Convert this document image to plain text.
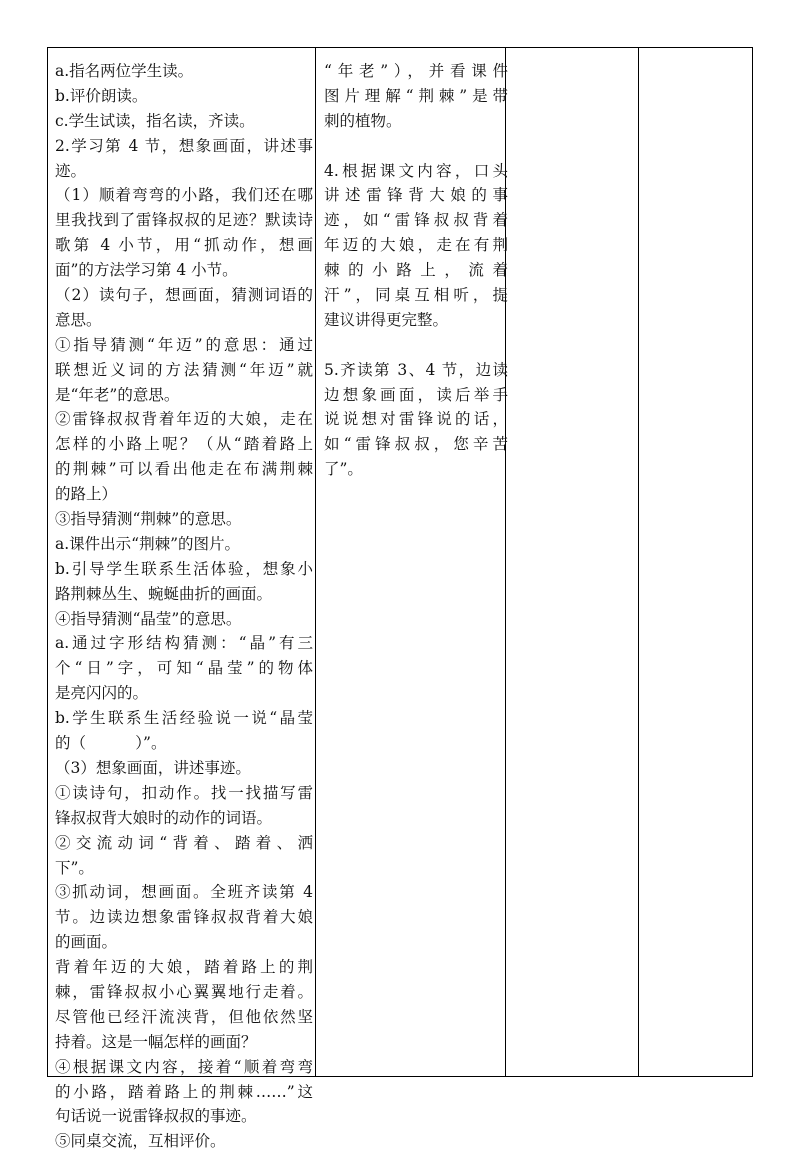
a.指名两位学生读。
b.评价朗读。
c.学生试读，指名读，齐读。
2.学习第 4 节，想象画面，讲述事
迹。
（1）顺着弯弯的小路，我们还在哪
里我找到了雷锋叔叔的足迹？默读诗
歌第 4 小节，用“抓动作，想画
面”的方法学习第 4 小节。
（2）读句子，想画面，猜测词语的
意思。
①指导猜测“年迈”的意思：通过
联想近义词的方法猜测“年迈”就
是“年老”的意思。
②雷锋叔叔背着年迈的大娘，走在
怎样的小路上呢？（从“踏着路上
的荆棘”可以看出他走在布满荆棘
的路上）
③指导猜测“荆棘”的意思。
a.课件出示“荆棘”的图片。
b.引导学生联系生活体验，想象小
路荆棘丛生、蜿蜒曲折的画面。
④指导猜测“晶莹”的意思。
a.通过字形结构猜测：“晶”有三
个“日”字，可知“晶莹”的物体
是亮闪闪的。
b.学生联系生活经验说一说“晶莹
的（          ）”。
（3）想象画面，讲述事迹。
①读诗句，扣动作。找一找描写雷
锋叔叔背大娘时的动作的词语。
②交流动词“背着、踏着、洒
下”。
③抓动词，想画面。全班齐读第 4
节。边读边想象雷锋叔叔背着大娘
的画面。
背着年迈的大娘，踏着路上的荆
棘，雷锋叔叔小心翼翼地行走着。
尽管他已经汗流浃背，但他依然坚
持着。这是一幅怎样的画面？
④根据课文内容，接着“顺着弯弯
的小路，踏着路上的荆棘……”这
句话说一说雷锋叔叔的事迹。
⑤同桌交流，互相评价。
“年老”），并看课件
图片理解“荆棘”是带
刺的植物。
4.根据课文内容，口头
讲述雷锋背大娘的事
迹，如“雷锋叔叔背着
年迈的大娘，走在有荆
棘的小路上，流着
汗”，同桌互相听，提
建议讲得更完整。
5.齐读第 3、4 节，边读
边想象画面，读后举手
说说想对雷锋说的话，
如“雷锋叔叔，您辛苦
了”。
